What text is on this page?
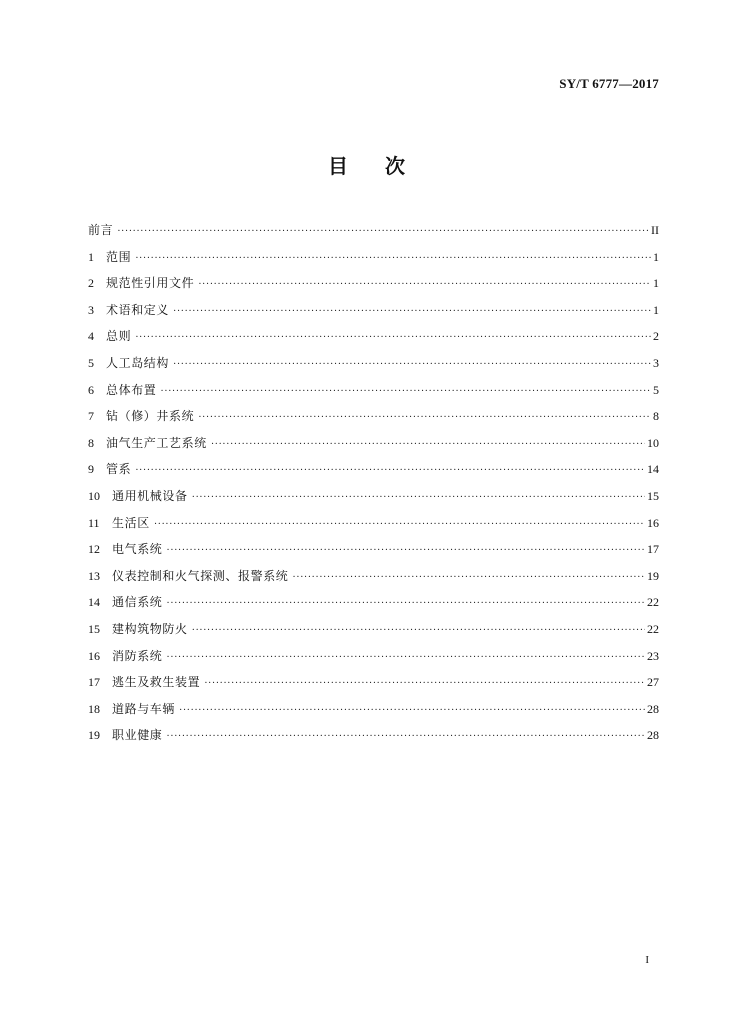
SY/T 6777—2017
目 次
前言 ·····	II
1	范围 ·····	1
2	规范性引用文件 ·····	1
3	术语和定义 ·····	1
4	总则 ·····	2
5	人工岛结构 ·····	3
6	总体布置 ·····	5
7	钻（修）井系统 ·····	8
8	油气生产工艺系统 ·····	10
9	管系 ·····	14
10	通用机械设备 ·····	15
11	生活区 ·····	16
12	电气系统 ·····	17
13	仪表控制和火气探测、报警系统 ·····	19
14	通信系统 ·····	22
15	建构筑物防火 ·····	22
16	消防系统 ·····	23
17	逃生及救生装置 ·····	27
18	道路与车辆 ·····	28
19	职业健康 ·····	28
I
